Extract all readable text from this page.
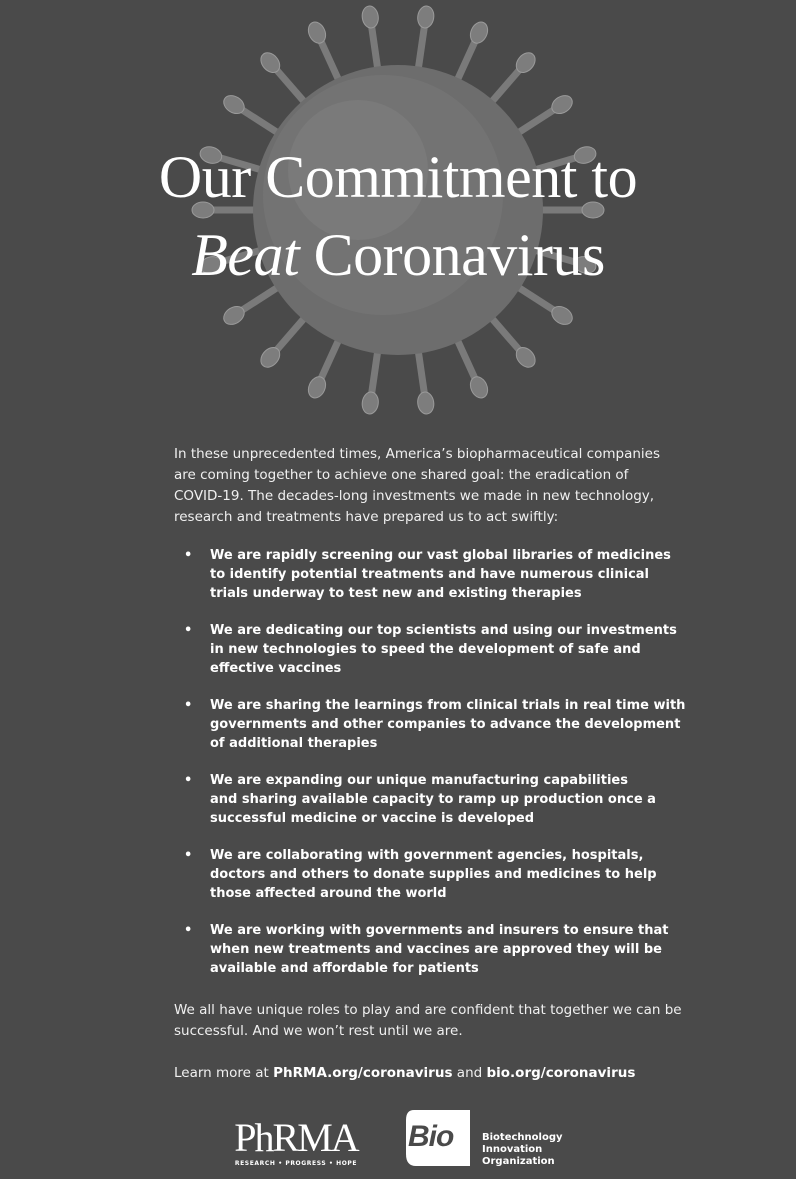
Our Commitment to
Beat Coronavirus
In these unprecedented times, America’s biopharmaceutical companies
are coming together to achieve one shared goal: the eradication of
COVID-19. The decades-long investments we made in new technology,
research and treatments have prepared us to act swiftly:
• We are rapidly screening our vast global libraries of medicines
to identify potential treatments and have numerous clinical
trials underway to test new and existing therapies
• We are dedicating our top scientists and using our investments
in new technologies to speed the development of safe and
effective vaccines
• We are sharing the learnings from clinical trials in real time with
governments and other companies to advance the development
of additional therapies
• We are expanding our unique manufacturing capabilities
and sharing available capacity to ramp up production once a
successful medicine or vaccine is developed
• We are collaborating with government agencies, hospitals,
doctors and others to donate supplies and medicines to help
those affected around the world
• We are working with governments and insurers to ensure that
when new treatments and vaccines are approved they will be
available and affordable for patients
We all have unique roles to play and are confident that together we can be
successful. And we won’t rest until we are.
Learn more at PhRMA.org/coronavirus and bio.org/coronavirus
PhRMA
RESEARCH • PROGRESS • HOPE
Bio	Biotechnology
Innovation
Organization
